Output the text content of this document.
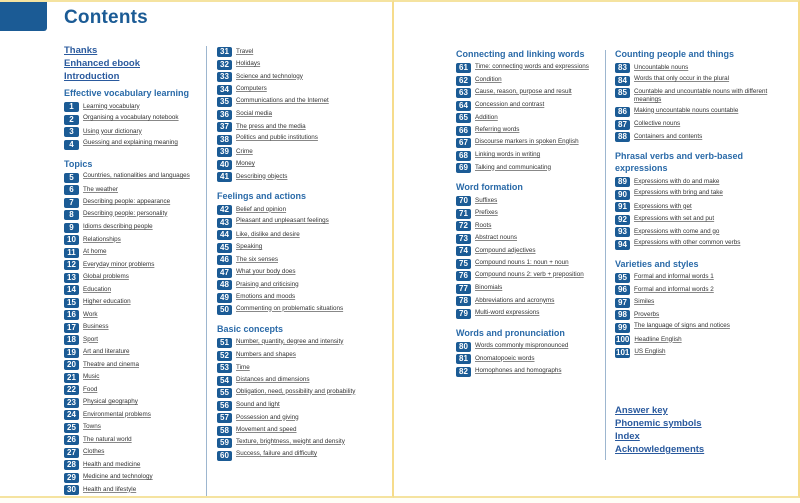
Contents
Thanks
Enhanced ebook
Introduction
Effective vocabulary learning
1	Learning vocabulary
2	Organising a vocabulary notebook
3	Using your dictionary
4	Guessing and explaining meaning
Topics
5	Countries, nationalities and languages
6	The weather
7	Describing people: appearance
8	Describing people: personality
9	Idioms describing people
10	Relationships
11	At home
12	Everyday minor problems
13	Global problems
14	Education
15	Higher education
16	Work
17	Business
18	Sport
19	Art and literature
20	Theatre and cinema
21	Music
22	Food
23	Physical geography
24	Environmental problems
25	Towns
26	The natural world
27	Clothes
28	Health and medicine
29	Medicine and technology
30	Health and lifestyle
31	Travel
32	Holidays
33	Science and technology
34	Computers
35	Communications and the Internet
36	Social media
37	The press and the media
38	Politics and public institutions
39	Crime
40	Money
41	Describing objects
Feelings and actions
42	Belief and opinion
43	Pleasant and unpleasant feelings
44	Like, dislike and desire
45	Speaking
46	The six senses
47	What your body does
48	Praising and criticising
49	Emotions and moods
50	Commenting on problematic situations
Basic concepts
51	Number, quantity, degree and intensity
52	Numbers and shapes
53	Time
54	Distances and dimensions
55	Obligation, need, possibility and probability
56	Sound and light
57	Possession and giving
58	Movement and speed
59	Texture, brightness, weight and density
60	Success, failure and difficulty
Connecting and linking words
61	Time: connecting words and expressions
62	Condition
63	Cause, reason, purpose and result
64	Concession and contrast
65	Addition
66	Referring words
67	Discourse markers in spoken English
68	Linking words in writing
69	Talking and communicating
Word formation
70	Suffixes
71	Prefixes
72	Roots
73	Abstract nouns
74	Compound adjectives
75	Compound nouns 1: noun + noun
76	Compound nouns 2: verb + preposition
77	Binomials
78	Abbreviations and acronyms
79	Multi-word expressions
Words and pronunciation
80	Words commonly mispronounced
81	Onomatopoeic words
82	Homophones and homographs
Counting people and things
83	Uncountable nouns
84	Words that only occur in the plural
85	Countable and uncountable nouns with different meanings
86	Making uncountable nouns countable
87	Collective nouns
88	Containers and contents
Phrasal verbs and verb-based expressions
89	Expressions with do and make
90	Expressions with bring and take
91	Expressions with get
92	Expressions with set and put
93	Expressions with come and go
94	Expressions with other common verbs
Varieties and styles
95	Formal and informal words 1
96	Formal and informal words 2
97	Similes
98	Proverbs
99	The language of signs and notices
100 Headline English
101 US English
Answer key
Phonemic symbols
Index
Acknowledgements
